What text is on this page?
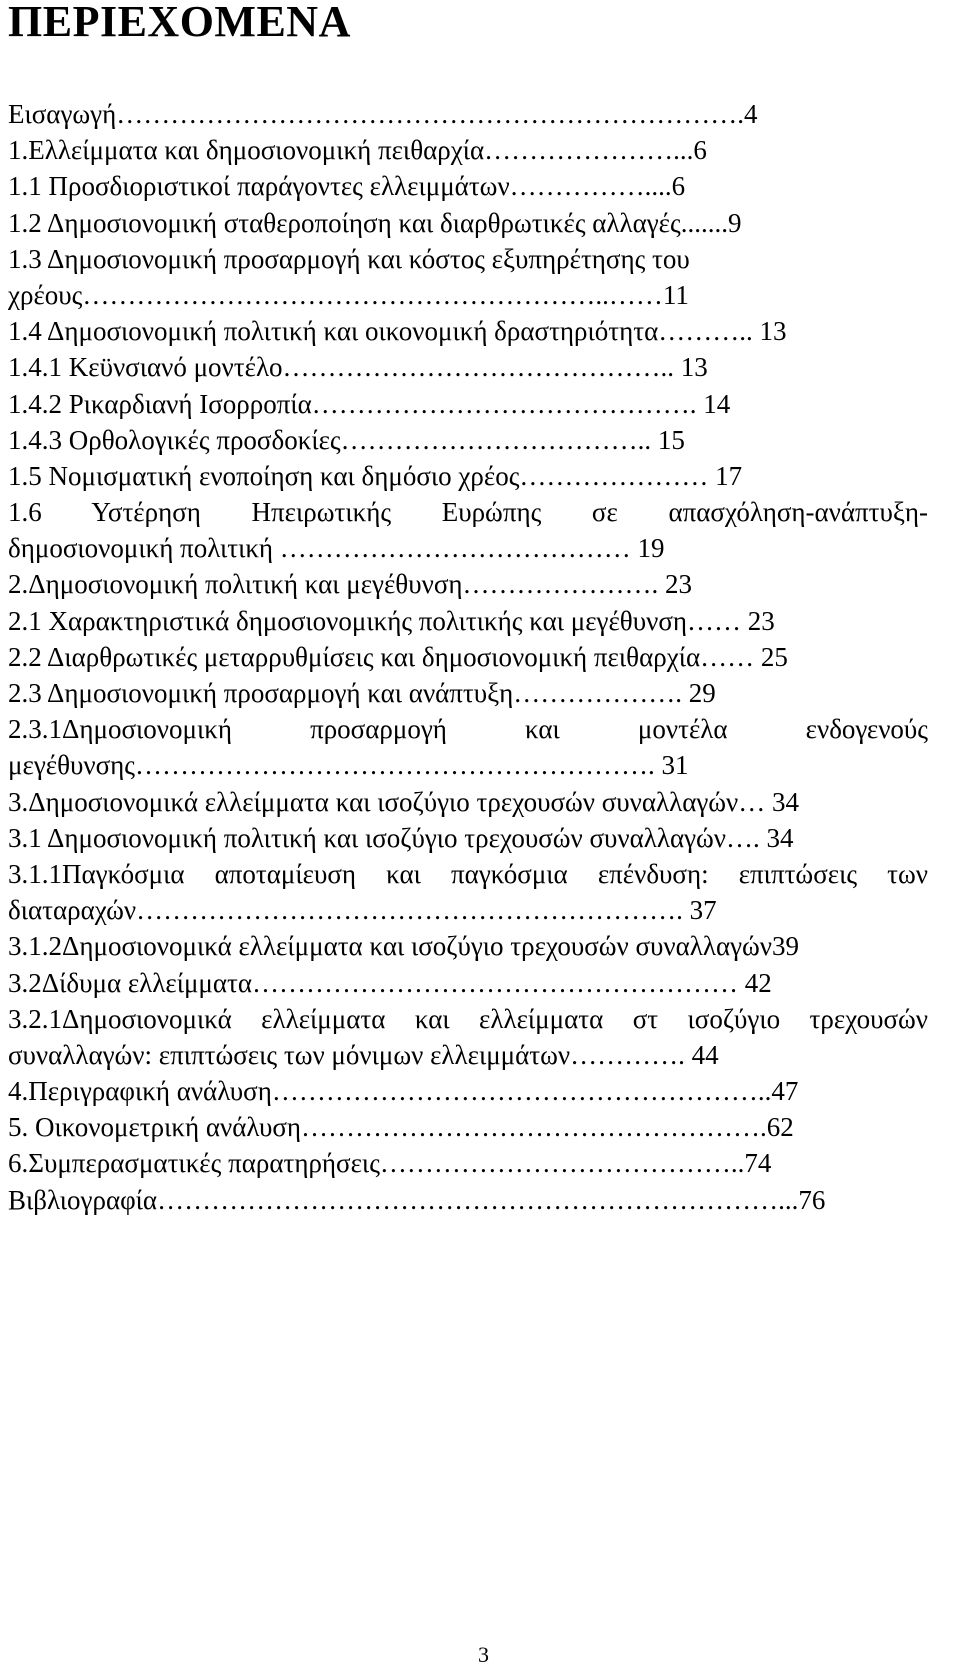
ΠΕΡΙΕΧΟΜΕΝΑ
Εισαγωγή…………………………………………………………….4
1.Ελλείμματα και δημοσιονομική πειθαρχία…………………...6
1.1 Προσδιοριστικοί παράγοντες ελλειμμάτων……………....6
1.2 Δημοσιονομική σταθεροποίηση και διαρθρωτικές αλλαγές.......9
1.3 Δημοσιονομική προσαρμογή και κόστος εξυπηρέτησης του
χρέους…………………………………………………..……11
1.4 Δημοσιονομική πολιτική και οικονομική δραστηριότητα……….. 13
1.4.1 Κεϋνσιανό μοντέλο…………………………………….. 13
1.4.2 Ρικαρδιανή Ισορροπία……………………………………. 14
1.4.3 Ορθολογικές προσδοκίες…………………………….. 15
1.5 Νομισματική ενοποίηση και δημόσιο χρέος………………… 17
1.6 Υστέρηση Ηπειρωτικής Ευρώπης σε απασχόληση-ανάπτυξη-
δημοσιονομική πολιτική ………………………………… 19
2.Δημοσιονομική πολιτική και μεγέθυνση…………………. 23
2.1 Χαρακτηριστικά δημοσιονομικής πολιτικής και μεγέθυνση…… 23
2.2 Διαρθρωτικές μεταρρυθμίσεις και δημοσιονομική πειθαρχία…… 25
2.3 Δημοσιονομική προσαρμογή και ανάπτυξη………………. 29
2.3.1Δημοσιονομική προσαρμογή και μοντέλα ενδογενούς
μεγέθυνσης…………………………………………………. 31
3.Δημοσιονομικά ελλείμματα και ισοζύγιο τρεχουσών συναλλαγών… 34
3.1 Δημοσιονομική πολιτική και ισοζύγιο τρεχουσών συναλλαγών…. 34
3.1.1Παγκόσμια αποταμίευση και παγκόσμια επένδυση: επιπτώσεις των
διαταραχών……………………………………………………. 37
3.1.2Δημοσιονομικά ελλείμματα και ισοζύγιο τρεχουσών συναλλαγών39
3.2Δίδυμα ελλείμματα……………………………………………… 42
3.2.1Δημοσιονομικά ελλείμματα και ελλείμματα στ ισοζύγιο τρεχουσών
συναλλαγών: επιπτώσεις των μόνιμων ελλειμμάτων…………. 44
4.Περιγραφική ανάλυση………………………………………………..47
5. Οικονομετρική ανάλυση…………………………………………….62
6.Συμπερασματικές παρατηρήσεις…………………………………..74
Βιβλιογραφία……………………………………………………………...76
3
